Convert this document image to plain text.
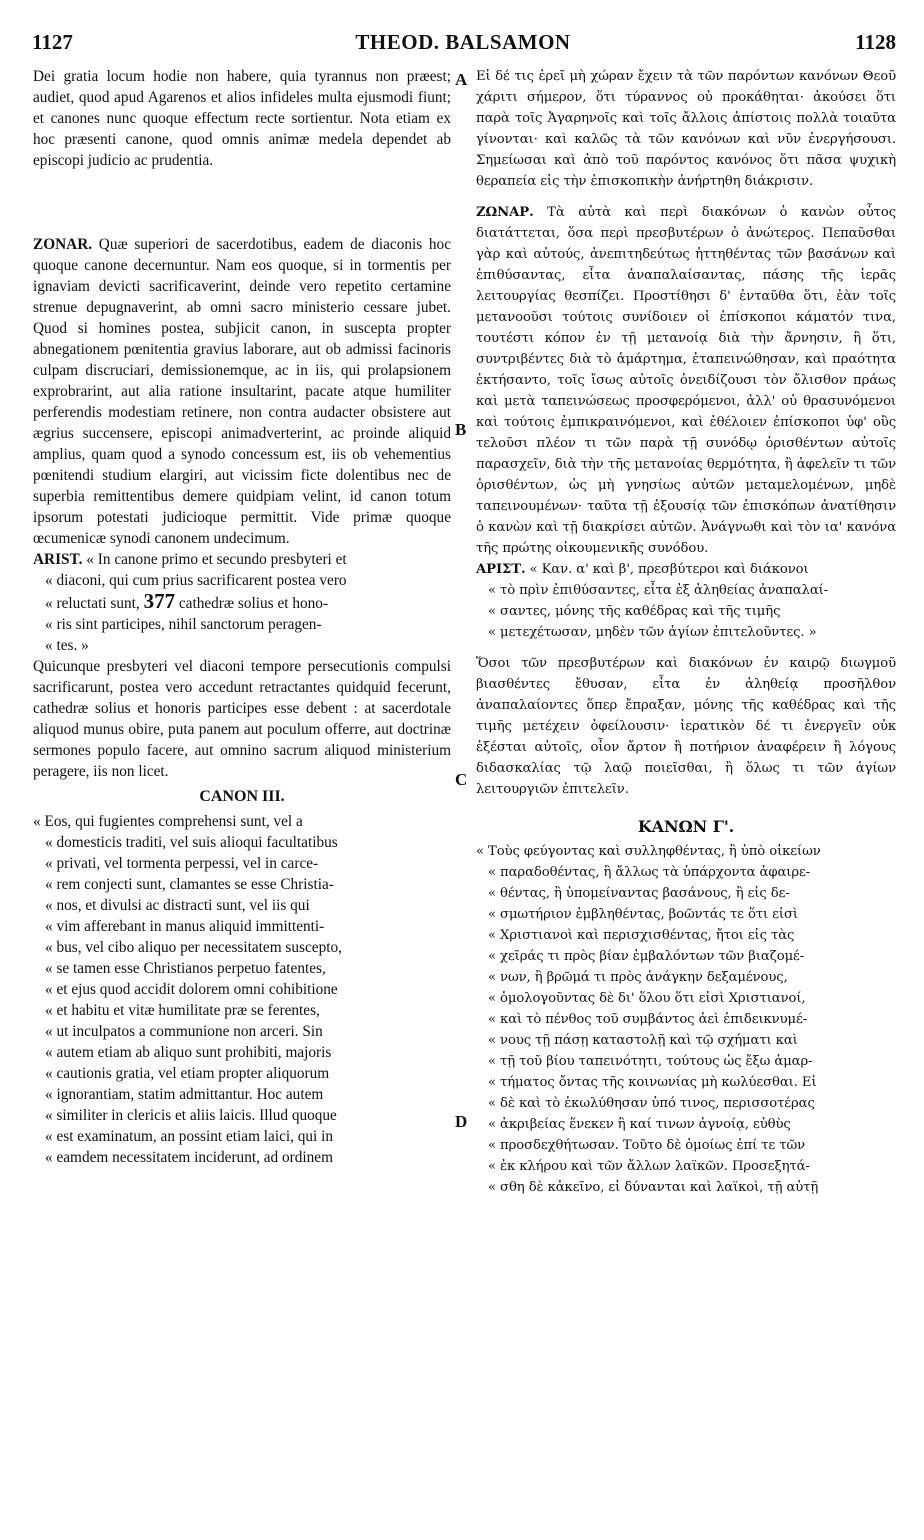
1127	THEOD. BALSAMON	1128
A
B
C
D

Dei gratia locum hodie non habere, quia tyrannus non præest; audiet, quod apud Agarenos et alios infideles multa ejusmodi fiunt; et canones nunc quoque effectum recte sortientur. Nota etiam ex hoc præsenti canone, quod omnis animæ medela dependet ab episcopi judicio ac prudentia.

ZONAR. Quæ superiori de sacerdotibus, eadem de diaconis hoc quoque canone decernuntur. Nam eos quoque, si in tormentis per ignaviam devicti sacrificaverint, deinde vero repetito certamine strenue depugnaverint, ab omni sacro ministerio cessare jubet. Quod si homines postea, subjicit canon, in suscepta propter abnegationem pœnitentia gravius laborare, aut ob admissi facinoris culpam discruciari, demissionemque, ac in iis, qui prolapsionem exprobrarint, aut alia ratione insultarint, pacate atque humiliter perferendis modestiam retinere, non contra audacter obsistere aut ægrius succensere, episcopi animadverterint, ac proinde aliquid amplius, quam quod a synodo concessum est, iis ob vehementius pœnitendi studium elargiri, aut vicissim ficte dolentibus nec de superbia remittentibus demere quidpiam velint, id canon totum ipsorum potestati judicioque permittit. Vide primæ quoque œcumenicæ synodi canonem undecimum.

ARIST. « In canone primo et secundo presbyteri et
« diaconi, qui cum prius sacrificarent postea vero
« reluctati sunt, 377 cathedræ solius et hono-
« ris sint participes, nihil sanctorum peragen-
« tes. »

Quicunque presbyteri vel diaconi tempore persecutionis compulsi sacrificarunt, postea vero accedunt retractantes quidquid fecerunt, cathedræ solius et honoris participes esse debent : at sacerdotale aliquod munus obire, puta panem aut poculum offerre, aut doctrinæ sermones populo facere, aut omnino sacrum aliquod ministerium peragere, iis non licet.

CANON III.
« Eos, qui fugientes comprehensi sunt, vel a
« domesticis traditi, vel suis alioqui facultatibus
« privati, vel tormenta perpessi, vel in carce-
« rem conjecti sunt, clamantes se esse Christia-
« nos, et divulsi ac distracti sunt, vel iis qui
« vim afferebant in manus aliquid immittenti-
« bus, vel cibo aliquo per necessitatem suscepto,
« se tamen esse Christianos perpetuo fatentes,
« et ejus quod accidit dolorem omni cohibitione
« et habitu et vitæ humilitate præ se ferentes,
« ut inculpatos a communione non arceri. Sin
« autem etiam ab aliquo sunt prohibiti, majoris
« cautionis gratia, vel etiam propter aliquorum
« ignorantiam, statim admittantur. Hoc autem
« similiter in clericis et aliis laicis. Illud quoque
« est examinatum, an possint etiam laici, qui in
« eamdem necessitatem inciderunt, ad ordinem

Εἰ δέ τις ἐρεῖ μὴ χώραν ἔχειν τὰ τῶν παρόντων κανόνων Θεοῦ χάριτι σήμερον, ὅτι τύραννος οὐ προκάθηται· ἀκούσει ὅτι παρὰ τοῖς Ἀγαρηνοῖς καὶ τοῖς ἄλλοις ἀπίστοις πολλὰ τοιαῦτα γίνονται· καὶ καλῶς τὰ τῶν κανόνων καὶ νῦν ἐνεργήσουσι. Σημείωσαι καὶ ἀπὸ τοῦ παρόντος κανόνος ὅτι πᾶσα ψυχικὴ θεραπεία εἰς τὴν ἐπισκοπικὴν ἀνήρτηθη διάκρισιν.

ΖΩΝΑΡ. Τὰ αὐτὰ καὶ περὶ διακόνων ὁ κανὼν οὗτος διατάττεται, ὅσα περὶ πρεσβυτέρων ὁ ἀνώτερος. Πεπαῦσθαι γὰρ καὶ αὐτούς, ἀνεπιτηδεύτως ἡττηθέντας τῶν βασάνων καὶ ἐπιθύσαντας, εἶτα ἀναπαλαίσαντας, πάσης τῆς ἱερᾶς λειτουργίας θεσπίζει. Προστίθησι δ' ἐνταῦθα ὅτι, ἐὰν τοῖς μετανοοῦσι τούτοις συνίδοιεν οἱ ἐπίσκοποι κάματόν τινα, τουτέστι κόπον ἐν τῇ μετανοίᾳ διὰ τὴν ἄρνησιν, ἢ ὅτι, συντριβέντες διὰ τὸ ἁμάρτημα, ἐταπεινώθησαν, καὶ πραότητα ἐκτήσαντο, τοῖς ἴσως αὐτοῖς ὀνειδίζουσι τὸν ὄλισθον πράως καὶ μετὰ ταπεινώσεως προσφερόμενοι, ἀλλ' οὐ θρασυνόμενοι καὶ τούτοις ἐμπικραινόμενοι, καὶ ἐθέλοιεν ἐπίσκοποι ὑφ' οὓς τελοῦσι πλέον τι τῶν παρὰ τῇ συνόδῳ ὁρισθέντων αὐτοῖς παρασχεῖν, διὰ τὴν τῆς μετανοίας θερμότητα, ἢ ἀφελεῖν τι τῶν ὁρισθέντων, ὡς μὴ γνησίως αὐτῶν μεταμελομένων, μηδὲ ταπεινουμένων· ταῦτα τῇ ἐξουσίᾳ τῶν ἐπισκόπων ἀνατίθησιν ὁ κανὼν καὶ τῇ διακρίσει αὐτῶν. Ἀνάγνωθι καὶ τὸν ια' κανόνα τῆς πρώτης οἰκουμενικῆς συνόδου.

ΑΡΙΣΤ. « Καν. α' καὶ β', πρεσβύτεροι καὶ διάκονοι
« τὸ πρὶν ἐπιθύσαντες, εἶτα ἐξ ἀληθείας ἀναπαλαί-
« σαντες, μόνης τῆς καθέδρας καὶ τῆς τιμῆς
« μετεχέτωσαν, μηδὲν τῶν ἁγίων ἐπιτελοῦντες. »

Ὅσοι τῶν πρεσβυτέρων καὶ διακόνων ἐν καιρῷ διωγμοῦ βιασθέντες ἔθυσαν, εἶτα ἐν ἀληθείᾳ προσῆλθον ἀναπαλαίοντες ὅπερ ἔπραξαν, μόνης τῆς καθέδρας καὶ τῆς τιμῆς μετέχειν ὀφείλουσιν· ἱερατικὸν δέ τι ἐνεργεῖν οὐκ ἐξέσται αὐτοῖς, οἷον ἄρτον ἢ ποτήριον ἀναφέρειν ἢ λόγους διδασκαλίας τῷ λαῷ ποιεῖσθαι, ἢ ὅλως τι τῶν ἁγίων λειτουργιῶν ἐπιτελεῖν.

ΚΑΝΩΝ Γ'.
« Τοὺς φεύγοντας καὶ συλληφθέντας, ἢ ὑπὸ οἰκείων
« παραδοθέντας, ἢ ἄλλως τὰ ὑπάρχοντα ἀφαιρε-
« θέντας, ἢ ὑπομείναντας βασάνους, ἢ εἰς δε-
« σμωτήριον ἐμβληθέντας, βοῶντάς τε ὅτι εἰσὶ
« Χριστιανοὶ καὶ περισχισθέντας, ἤτοι εἰς τὰς
« χεῖράς τι πρὸς βίαν ἐμβαλόντων τῶν βιαζομέ-
« νων, ἢ βρῶμά τι πρὸς ἀνάγκην δεξαμένους,
« ὁμολογοῦντας δὲ δι' ὅλου ὅτι εἰσὶ Χριστιανοί,
« καὶ τὸ πένθος τοῦ συμβάντος ἀεὶ ἐπιδεικνυμέ-
« νους τῇ πάσῃ καταστολῇ καὶ τῷ σχήματι καὶ
« τῇ τοῦ βίου ταπεινότητι, τούτους ὡς ἔξω ἁμαρ-
« τήματος ὄντας τῆς κοινωνίας μὴ κωλύεσθαι. Εἰ
« δὲ καὶ τὸ ἐκωλύθησαν ὑπό τινος, περισσοτέρας
« ἀκριβείας ἕνεκεν ἢ καί τινων ἀγνοίᾳ, εὐθὺς
« προσδεχθήτωσαν. Τοῦτο δὲ ὁμοίως ἐπί τε τῶν
« ἐκ κλήρου καὶ τῶν ἄλλων λαϊκῶν. Προσεξητά-
« σθη δὲ κἀκεῖνο, εἰ δύνανται καὶ λαϊκοὶ, τῇ αὐτῇ
